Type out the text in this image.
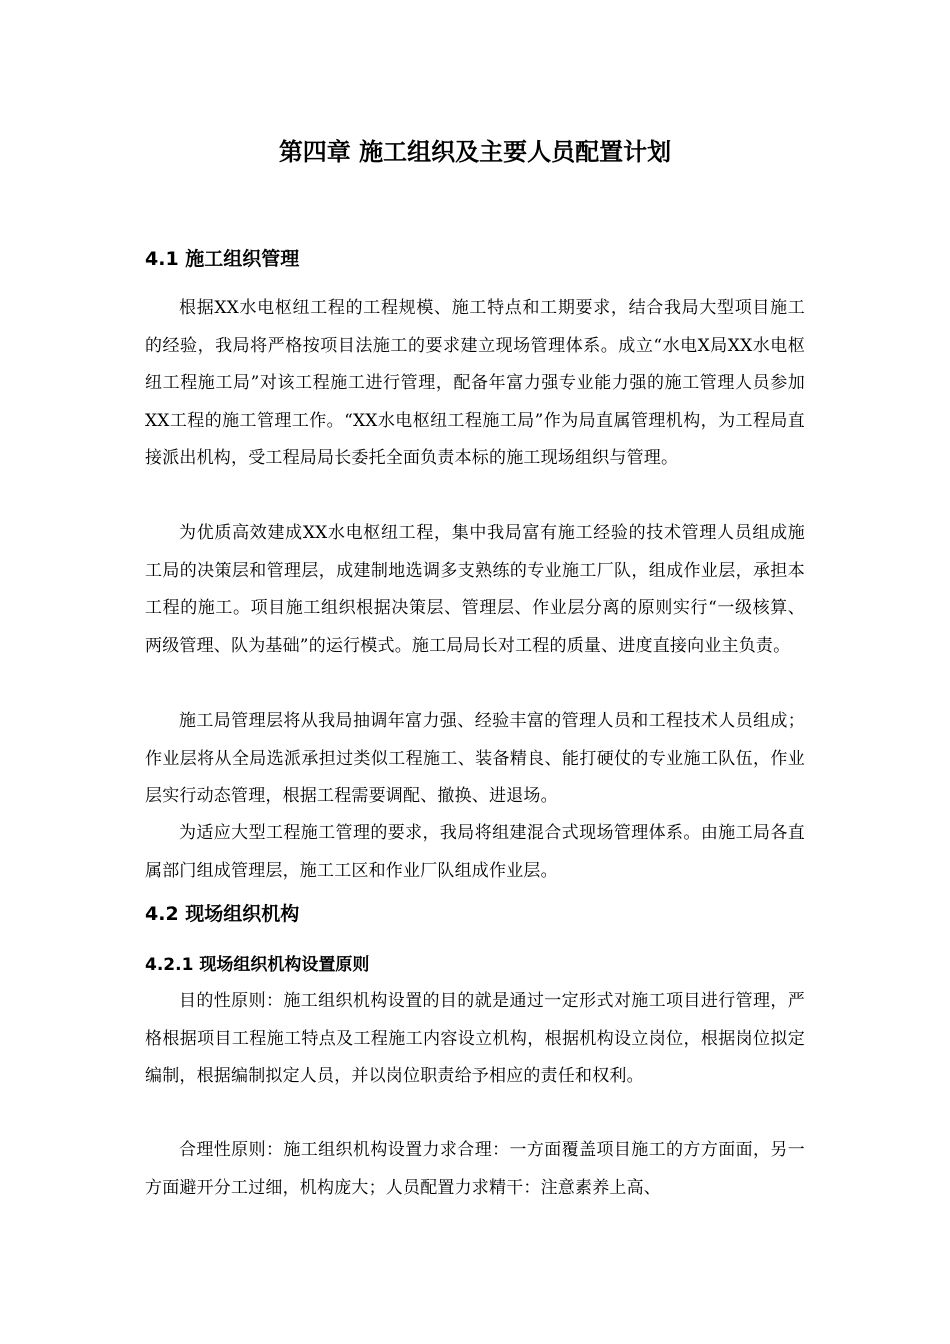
第四章 施工组织及主要人员配置计划
4.1 施工组织管理

根据XX水电枢纽工程的工程规模、施工特点和工期要求，结合我局大型项目施工的经验，我局将严格按项目法施工的要求建立现场管理体系。成立“水电X局XX水电枢纽工程施工局”对该工程施工进行管理，配备年富力强专业能力强的施工管理人员参加XX工程的施工管理工作。“XX水电枢纽工程施工局”作为局直属管理机构，为工程局直接派出机构，受工程局局长委托全面负责本标的施工现场组织与管理。

为优质高效建成XX水电枢纽工程，集中我局富有施工经验的技术管理人员组成施工局的决策层和管理层，成建制地选调多支熟练的专业施工厂队，组成作业层，承担本工程的施工。项目施工组织根据决策层、管理层、作业层分离的原则实行“一级核算、两级管理、队为基础”的运行模式。施工局局长对工程的质量、进度直接向业主负责。

施工局管理层将从我局抽调年富力强、经验丰富的管理人员和工程技术人员组成；作业层将从全局选派承担过类似工程施工、装备精良、能打硬仗的专业施工队伍，作业层实行动态管理，根据工程需要调配、撤换、进退场。

为适应大型工程施工管理的要求，我局将组建混合式现场管理体系。由施工局各直属部门组成管理层，施工工区和作业厂队组成作业层。

4.2 现场组织机构
4.2.1 现场组织机构设置原则

目的性原则：施工组织机构设置的目的就是通过一定形式对施工项目进行管理，严格根据项目工程施工特点及工程施工内容设立机构，根据机构设立岗位，根据岗位拟定编制，根据编制拟定人员，并以岗位职责给予相应的责任和权利。

合理性原则：施工组织机构设置力求合理：一方面覆盖项目施工的方方面面，另一方面避开分工过细，机构庞大；人员配置力求精干：注意素养上高、
